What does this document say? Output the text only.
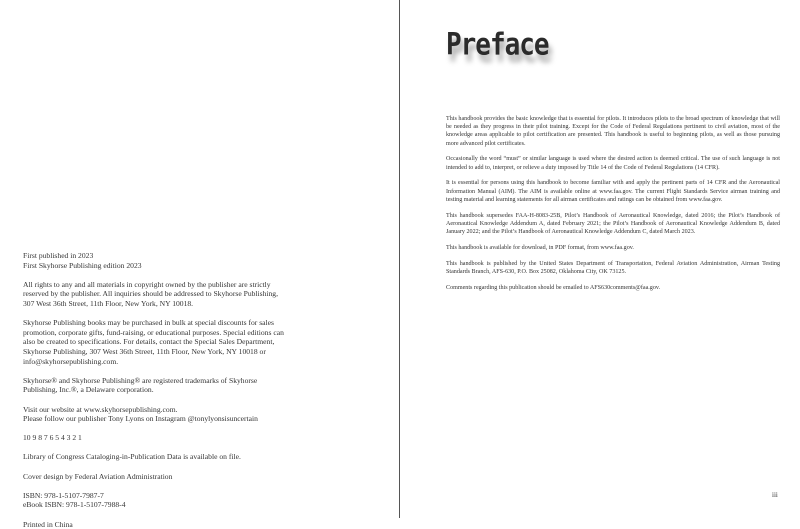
First published in 2023
First Skyhorse Publishing edition 2023

All rights to any and all materials in copyright owned by the publisher are strictly reserved by the publisher. All inquiries should be addressed to Skyhorse Publishing, 307 West 36th Street, 11th Floor, New York, NY 10018.

Skyhorse Publishing books may be purchased in bulk at special discounts for sales promotion, corporate gifts, fund-raising, or educational purposes. Special editions can also be created to specifications. For details, contact the Special Sales Department, Skyhorse Publishing, 307 West 36th Street, 11th Floor, New York, NY 10018 or info@skyhorsepublishing.com.

Skyhorse® and Skyhorse Publishing® are registered trademarks of Skyhorse Publishing, Inc.®, a Delaware corporation.

Visit our website at www.skyhorsepublishing.com.
Please follow our publisher Tony Lyons on Instagram @tonylyonsisuncertain

10 9 8 7 6 5 4 3 2 1

Library of Congress Cataloging-in-Publication Data is available on file.

Cover design by Federal Aviation Administration

ISBN: 978-1-5107-7987-7
eBook ISBN: 978-1-5107-7988-4

Printed in China

Preface

This handbook provides the basic knowledge that is essential for pilots. It introduces pilots to the broad spectrum of knowledge that will be needed as they progress in their pilot training. Except for the Code of Federal Regulations pertinent to civil aviation, most of the knowledge areas applicable to pilot certification are presented. This handbook is useful to beginning pilots, as well as those pursuing more advanced pilot certificates.

Occasionally the word “must” or similar language is used where the desired action is deemed critical. The use of such language is not intended to add to, interpret, or relieve a duty imposed by Title 14 of the Code of Federal Regulations (14 CFR).

It is essential for persons using this handbook to become familiar with and apply the pertinent parts of 14 CFR and the Aeronautical Information Manual (AIM). The AIM is available online at www.faa.gov. The current Flight Standards Service airman training and testing material and learning statements for all airman certificates and ratings can be obtained from www.faa.gov.

This handbook supersedes FAA-H-8083-25B, Pilot’s Handbook of Aeronautical Knowledge, dated 2016; the Pilot’s Handbook of Aeronautical Knowledge Addendum A, dated February 2021; the Pilot’s Handbook of Aeronautical Knowledge Addendum B, dated January 2022; and the Pilot’s Handbook of Aeronautical Knowledge Addendum C, dated March 2023.

This handbook is available for download, in PDF format, from www.faa.gov.

This handbook is published by the United States Department of Transportation, Federal Aviation Administration, Airman Testing Standards Branch, AFS-630, P.O. Box 25082, Oklahoma City, OK 73125.

Comments regarding this publication should be emailed to AFS630comments@faa.gov.

iii
